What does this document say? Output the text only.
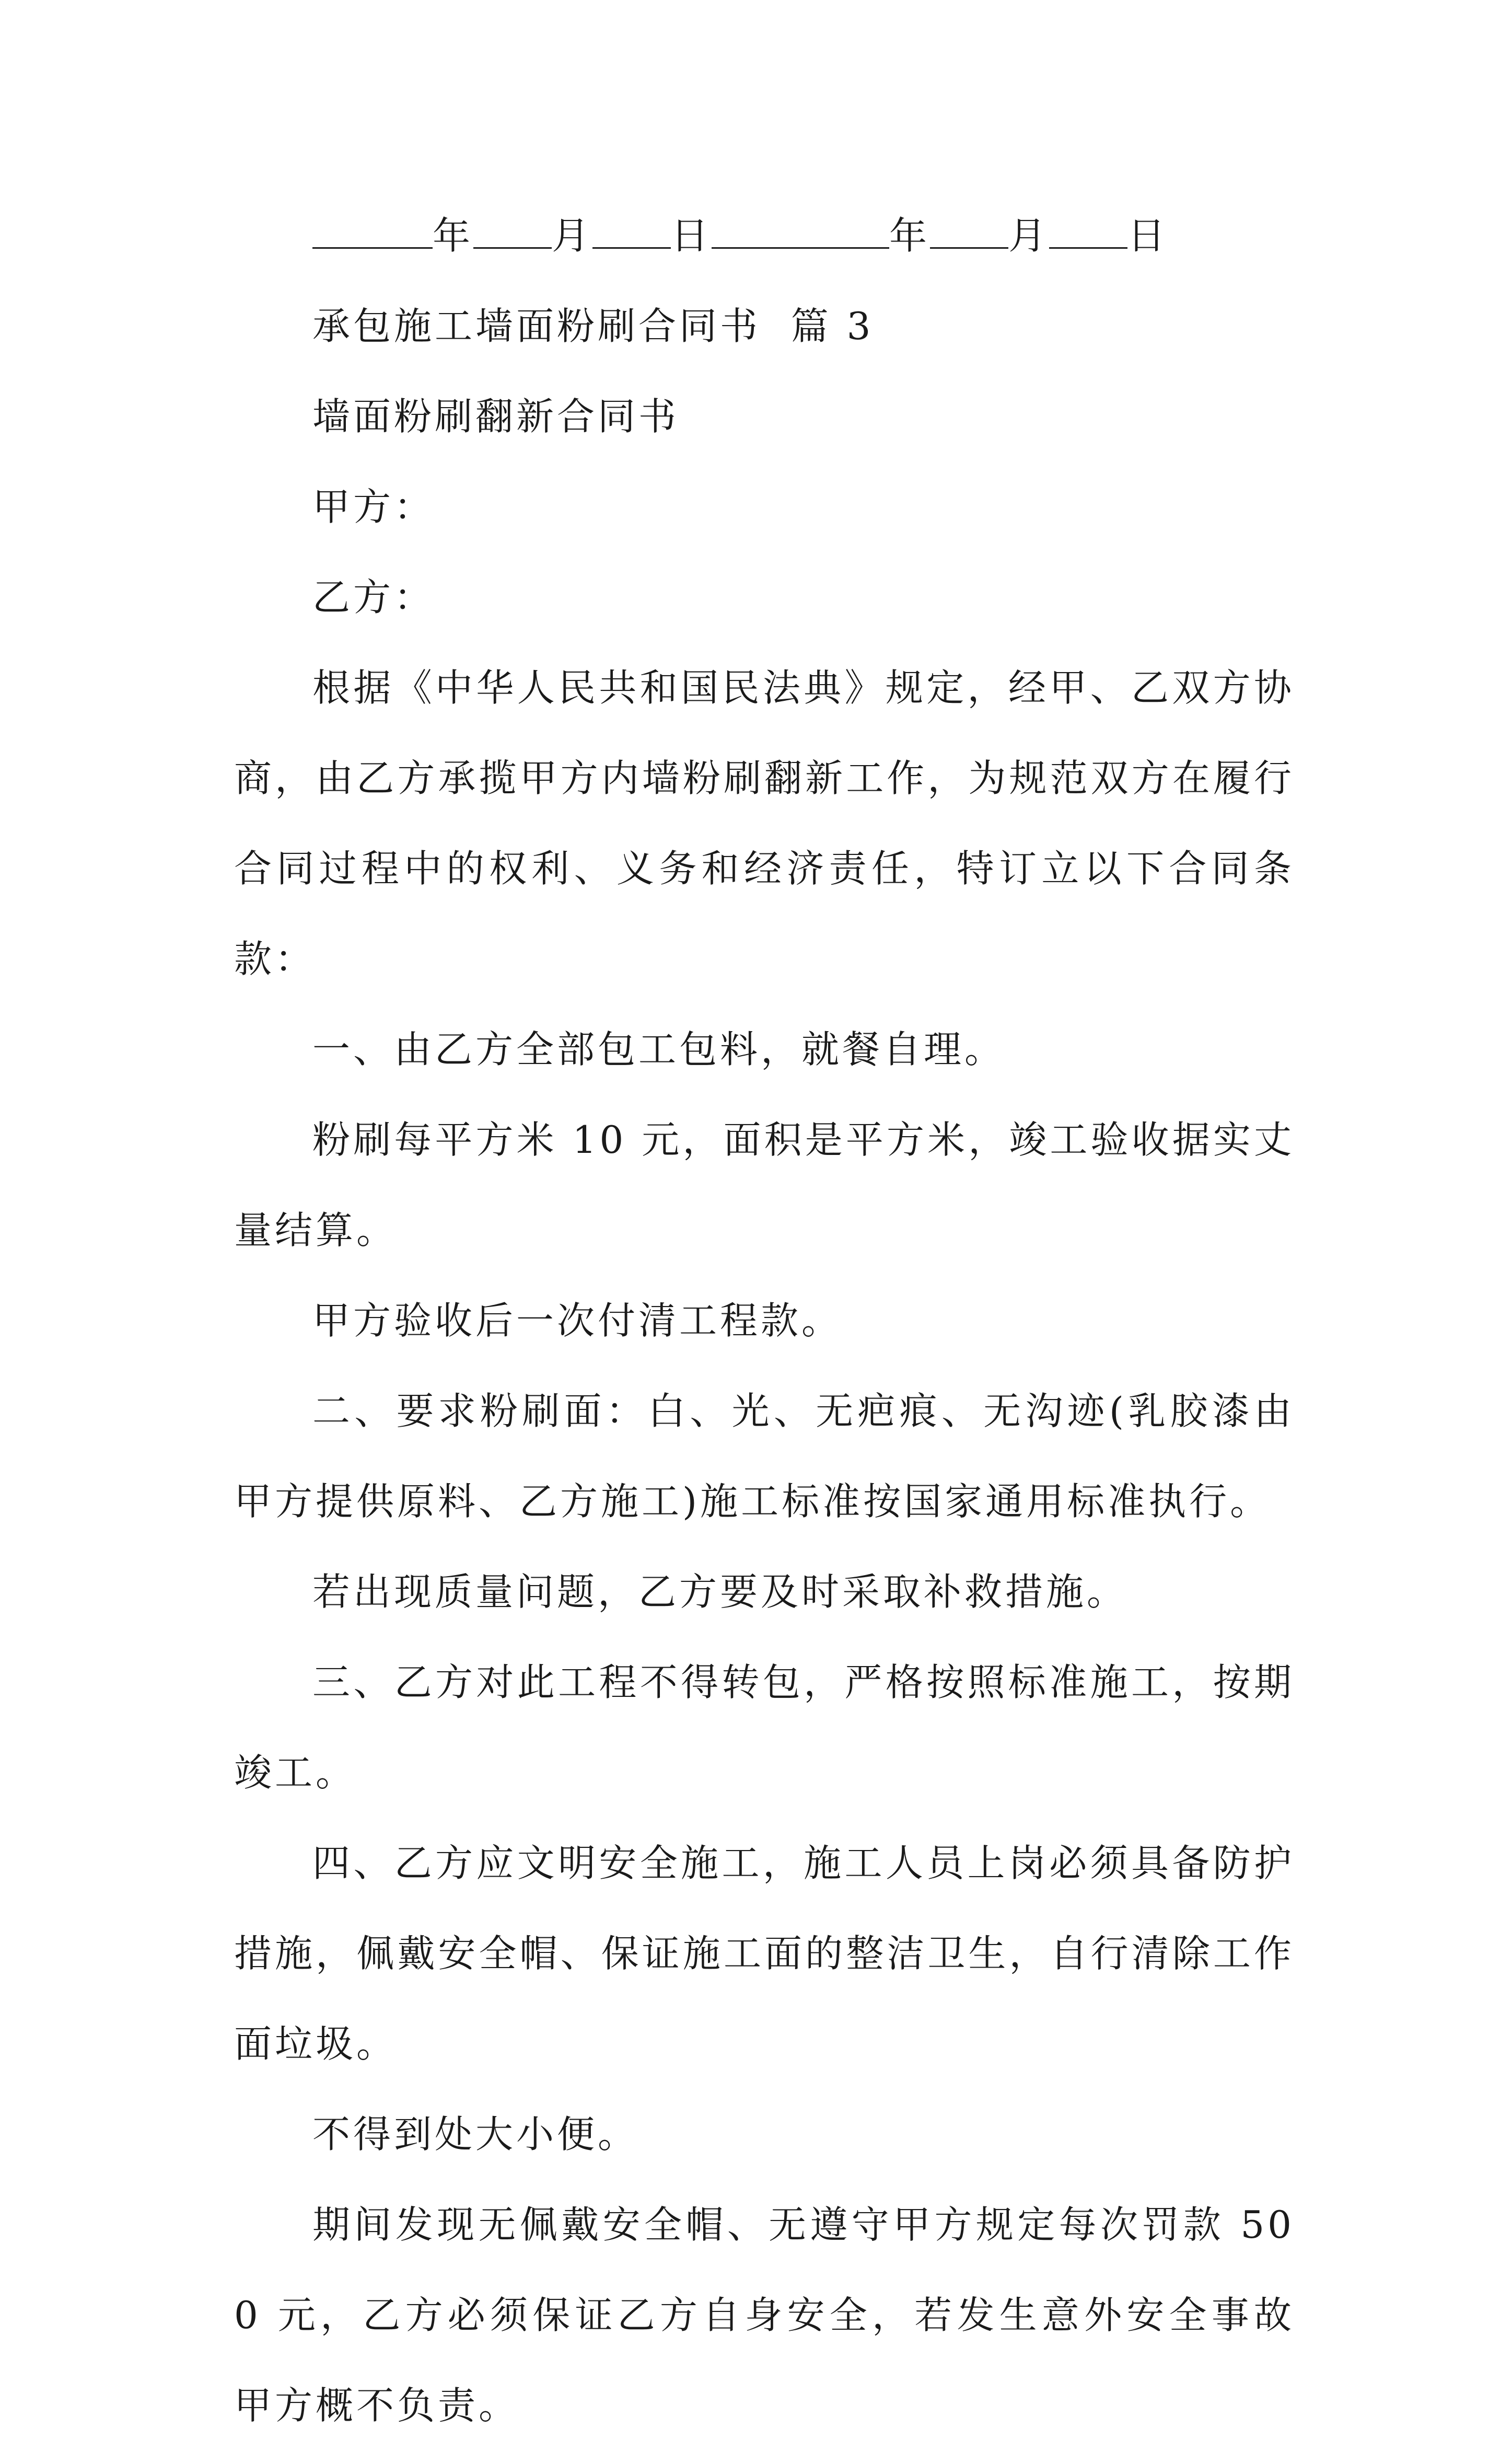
年 月 日	年 月 日
承包施工墙面粉刷合同书  篇 3
墙面粉刷翻新合同书
甲方：
乙方：
根据《中华人民共和国民法典》规定，经甲、乙双方协商，由乙方承揽甲方内墙粉刷翻新工作，为规范双方在履行合同过程中的权利、义务和经济责任，特订立以下合同条款：
一、由乙方全部包工包料，就餐自理。
粉刷每平方米 10 元，面积是平方米，竣工验收据实丈量结算。
甲方验收后一次付清工程款。
二、要求粉刷面：白、光、无疤痕、无沟迹(乳胶漆由甲方提供原料、乙方施工)施工标准按国家通用标准执行。
若出现质量问题，乙方要及时采取补救措施。
三、乙方对此工程不得转包，严格按照标准施工，按期竣工。
四、乙方应文明安全施工，施工人员上岗必须具备防护措施，佩戴安全帽、保证施工面的整洁卫生，自行清除工作面垃圾。
不得到处大小便。
期间发现无佩戴安全帽、无遵守甲方规定每次罚款 500 元，乙方必须保证乙方自身安全，若发生意外安全事故甲方概不负责。
